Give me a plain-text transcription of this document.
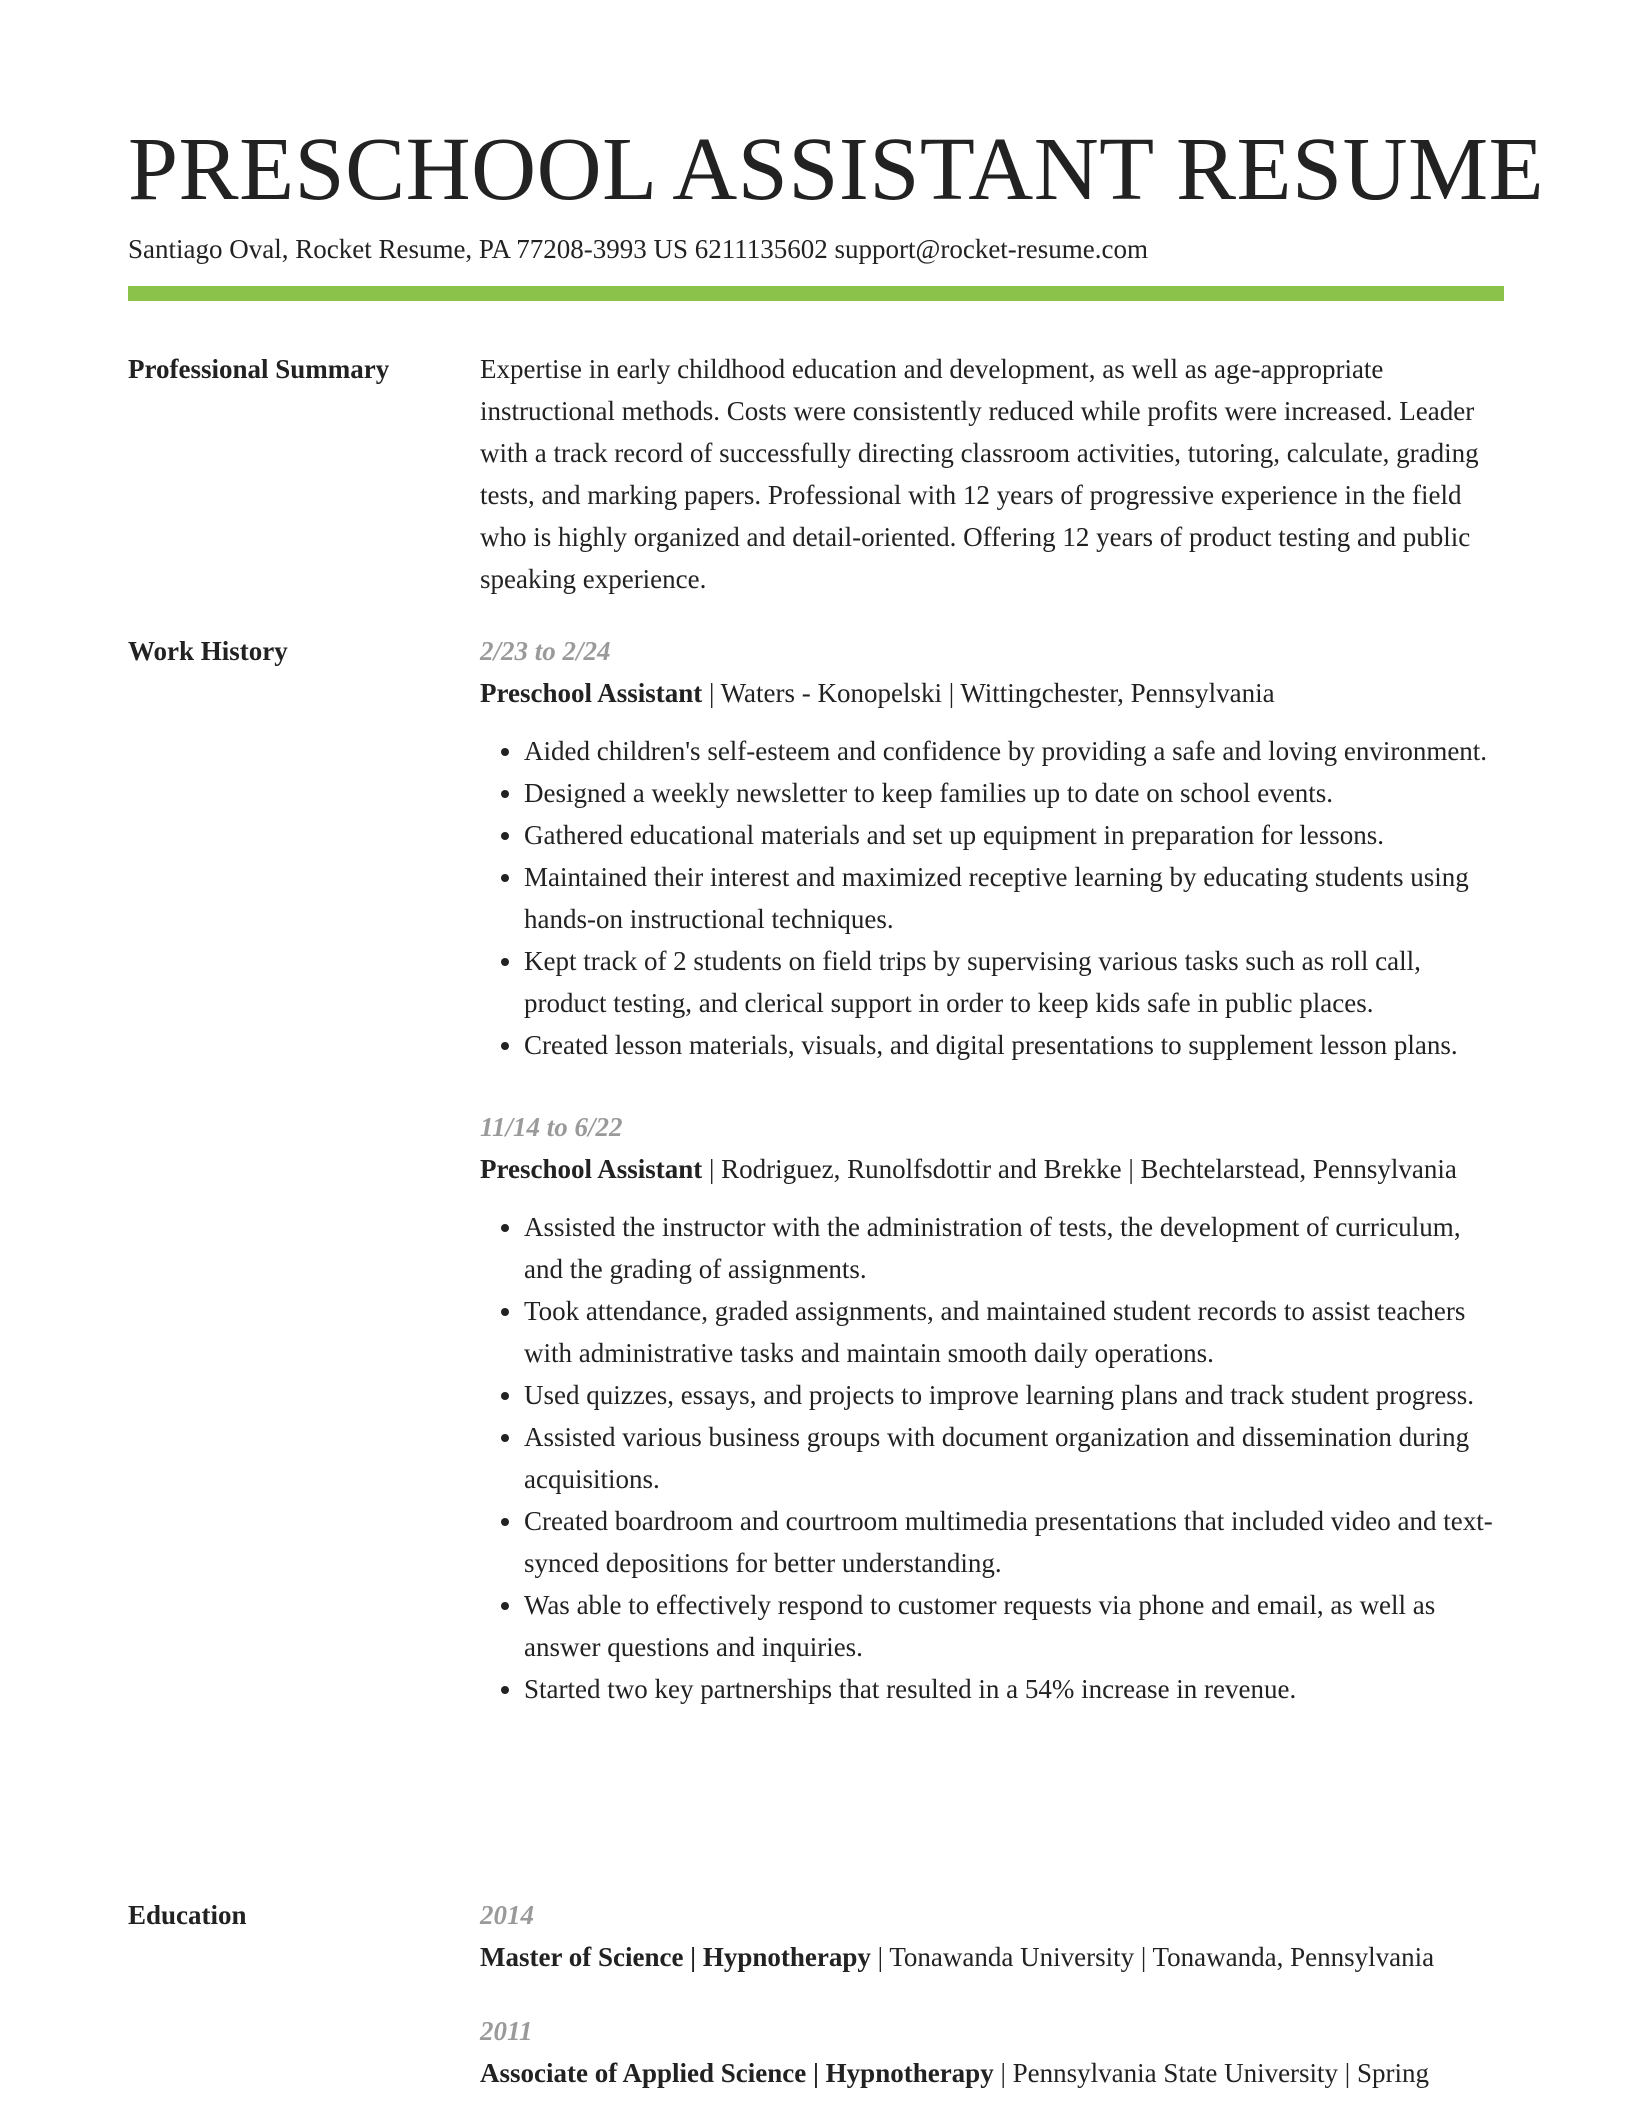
PRESCHOOL ASSISTANT RESUME
Santiago Oval, Rocket Resume, PA 77208-3993 US 6211135602 support@rocket-resume.com
Professional Summary	Expertise in early childhood education and development, as well as age-appropriate instructional methods. Costs were consistently reduced while profits were increased. Leader with a track record of successfully directing classroom activities, tutoring, calculate, grading tests, and marking papers. Professional with 12 years of progressive experience in the field who is highly organized and detail-oriented. Offering 12 years of product testing and public speaking experience.

Work History	2/23 to 2/24

Preschool Assistant | Waters - Konopelski | Wittingchester, Pennsylvania

• Aided children's self-esteem and confidence by providing a safe and loving environment.
• Designed a weekly newsletter to keep families up to date on school events.
• Gathered educational materials and set up equipment in preparation for lessons.
• Maintained their interest and maximized receptive learning by educating students using hands-on instructional techniques.
• Kept track of 2 students on field trips by supervising various tasks such as roll call, product testing, and clerical support in order to keep kids safe in public places.
• Created lesson materials, visuals, and digital presentations to supplement lesson plans.

11/14 to 6/22

Preschool Assistant | Rodriguez, Runolfsdottir and Brekke | Bechtelarstead, Pennsylvania

• Assisted the instructor with the administration of tests, the development of curriculum, and the grading of assignments.
• Took attendance, graded assignments, and maintained student records to assist teachers with administrative tasks and maintain smooth daily operations.
• Used quizzes, essays, and projects to improve learning plans and track student progress.
• Assisted various business groups with document organization and dissemination during acquisitions.
• Created boardroom and courtroom multimedia presentations that included video and text-synced depositions for better understanding.
• Was able to effectively respond to customer requests via phone and email, as well as answer questions and inquiries.
• Started two key partnerships that resulted in a 54% increase in revenue.
Education	2014

Master of Science | Hypnotherapy | Tonawanda University | Tonawanda, Pennsylvania

2011

Associate of Applied Science | Hypnotherapy | Pennsylvania State University | Spring
